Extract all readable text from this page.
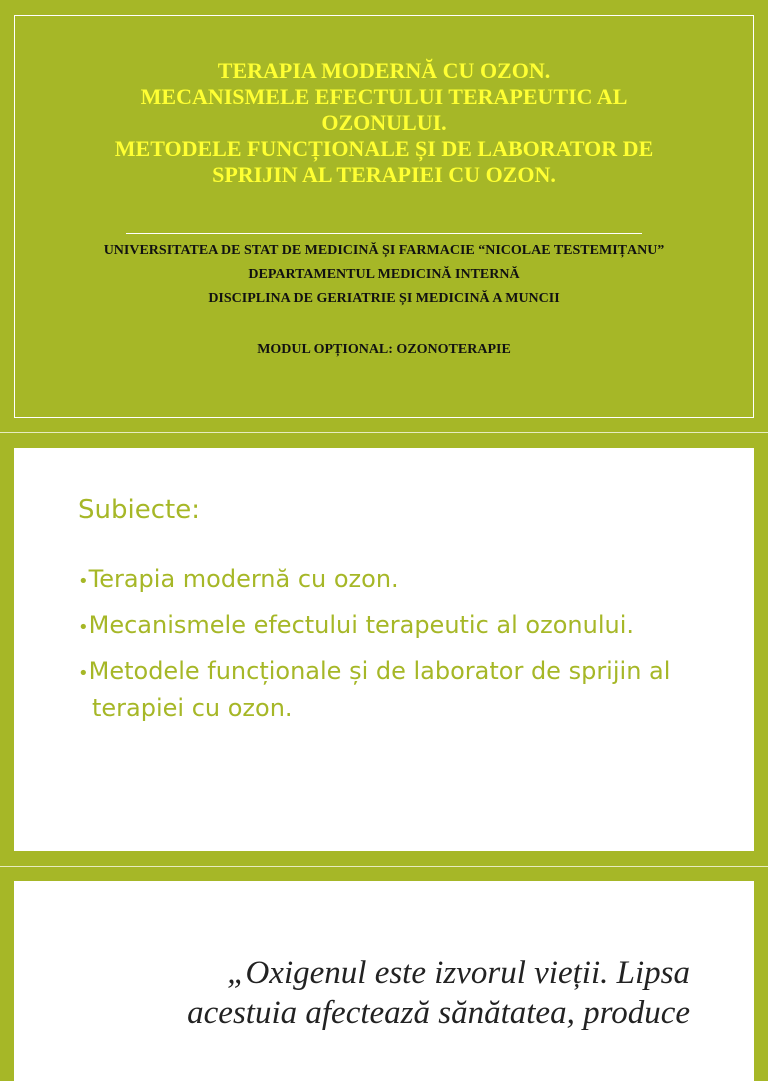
TERAPIA MODERNĂ CU OZON.
MECANISMELE EFECTULUI TERAPEUTIC AL
OZONULUI.
METODELE FUNCȚIONALE ȘI DE LABORATOR DE
SPRIJIN AL TERAPIEI CU OZON.
UNIVERSITATEA DE STAT DE MEDICINĂ ȘI FARMACIE “NICOLAE TESTEMIȚANU”
DEPARTAMENTUL MEDICINĂ INTERNĂ
DISCIPLINA DE GERIATRIE ȘI MEDICINĂ A MUNCII
MODUL OPȚIONAL: OZONOTERAPIE
Subiecte:
•Terapia modernă cu ozon.
•Mecanismele efectului terapeutic al ozonului.
•Metodele funcționale și de laborator de sprijin al terapiei cu ozon.
„Oxigenul este izvorul vieții. Lipsa
acestuia afectează sănătatea, produce
